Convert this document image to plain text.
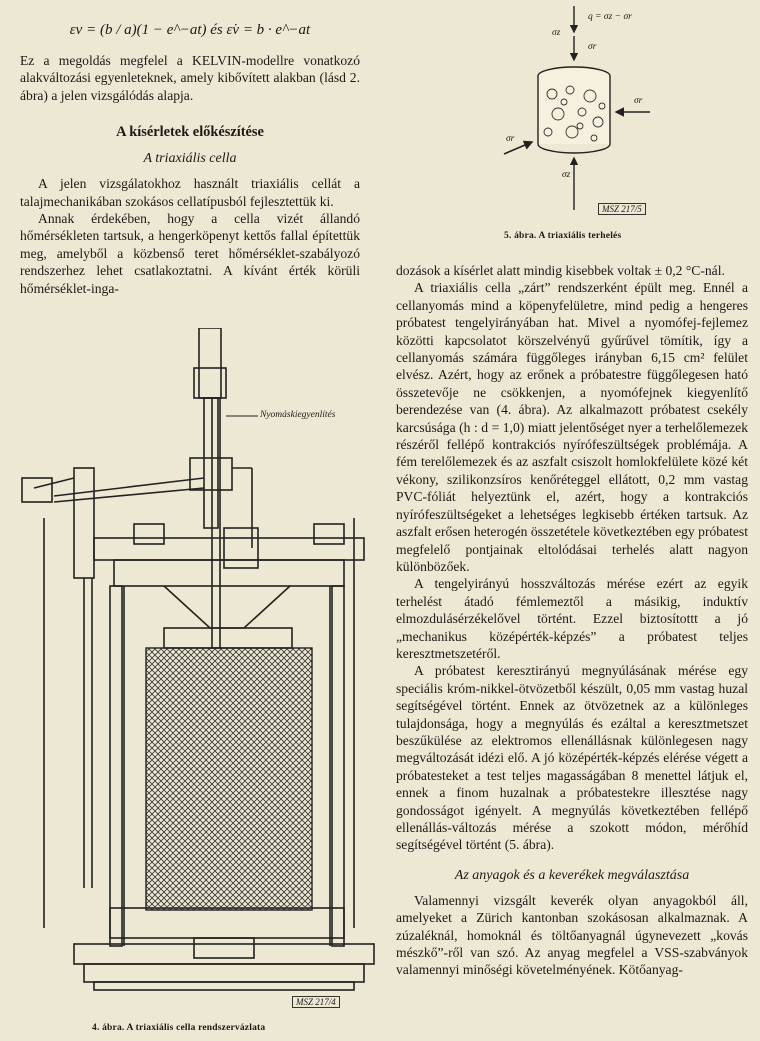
εv = (b / a)(1 − e^−at) és ε̇v = b · e^−at

Ez a megoldás megfelel a KELVIN-modellre vonatkozó alakváltozási egyenleteknek, amely kibővített alakban (lásd 2. ábra) a jelen vizsgálódás alapja.

A kísérletek előkészítése
A triaxiális cella

A jelen vizsgálatokhoz használt triaxiális cellát a talajmechanikában szokásos cellatípusból fejlesztettük ki.

Annak érdekében, hogy a cella vizét állandó hőmérsékleten tartsuk, a hengerköpenyt kettős fallal építettük meg, amelyből a közbenső teret hőmérséklet-szabályozó rendszerhez lehet csatlakoztatni. A kívánt érték körüli hőmérséklet-inga-

Nyomáskiegyenlítés
MSZ 217/4
4. ábra. A triaxiális cella rendszervázlata
q = σz − σr
σz
σr
σr
σr
σz
MSZ 217/5
5. ábra. A triaxiális terhelés

dozások a kísérlet alatt mindig kisebbek voltak ± 0,2 °C-nál.

A triaxiális cella „zárt” rendszerként épült meg. Ennél a cellanyomás mind a köpenyfelületre, mind pedig a hengeres próbatest tengelyirányában hat. Mivel a nyomófej-fejlemez közötti kapcsolatot körszelvényű gyűrűvel tömítik, így a cellanyomás számára függőleges irányban 6,15 cm² felület elvész. Azért, hogy az erőnek a próbatestre függőlegesen ható összetevője ne csökkenjen, a nyomófejnek kiegyenlítő berendezése van (4. ábra). Az alkalmazott próbatest csekély karcsúsága (h : d = 1,0) miatt jelentőséget nyer a terhelőlemezek részéről fellépő kontrakciós nyírófeszültségek problémája. A fém terelőlemezek és az aszfalt csiszolt homlokfelülete közé két vékony, szilikonzsíros kenőréteggel ellátott, 0,2 mm vastag PVC-fóliát helyeztünk el, azért, hogy a kontrakciós nyírófeszültségeket a lehetséges legkisebb értéken tartsuk. Az aszfalt erősen heterogén összetétele következtében egy próbatest megfelelő pontjainak eltolódásai terhelés alatt nagyon különbözőek.

A tengelyirányú hosszváltozás mérése ezért az egyik terhelést átadó fémlemeztől a másikig, induktív elmozdulásérzékelővel történt. Ezzel biztosítottt a jó „mechanikus középérték-képzés” a próbatest teljes keresztmetszetéről.

A próbatest keresztirányú megnyúlásának mérése egy speciális króm-nikkel-ötvözetből készült, 0,05 mm vastag huzal segítségével történt. Ennek az ötvözetnek az a különleges tulajdonsága, hogy a megnyúlás és ezáltal a keresztmetszet beszűkülése az elektromos ellenállásnak különlegesen nagy megváltozását idézi elő. A jó középérték-képzés elérése végett a próbatesteket a test teljes magasságában 8 menettel látjuk el, ennek a finom huzalnak a próbatestekre illesztése nagy gondosságot igényelt. A megnyúlás következtében fellépő ellenállás-változás mérése a szokott módon, mérőhíd segítségével történt (5. ábra).

Az anyagok és a keverékek megválasztása

Valamennyi vizsgált keverék olyan anyagokból áll, amelyeket a Zürich kantonban szokásosan alkalmaznak. A zúzaléknál, homoknál és töltőanyagnál úgynevezett „kovás mészkő”-ről van szó. Az anyag megfelel a VSS-szabványok valamennyi minőségi követelményének. Kötőanyag-
